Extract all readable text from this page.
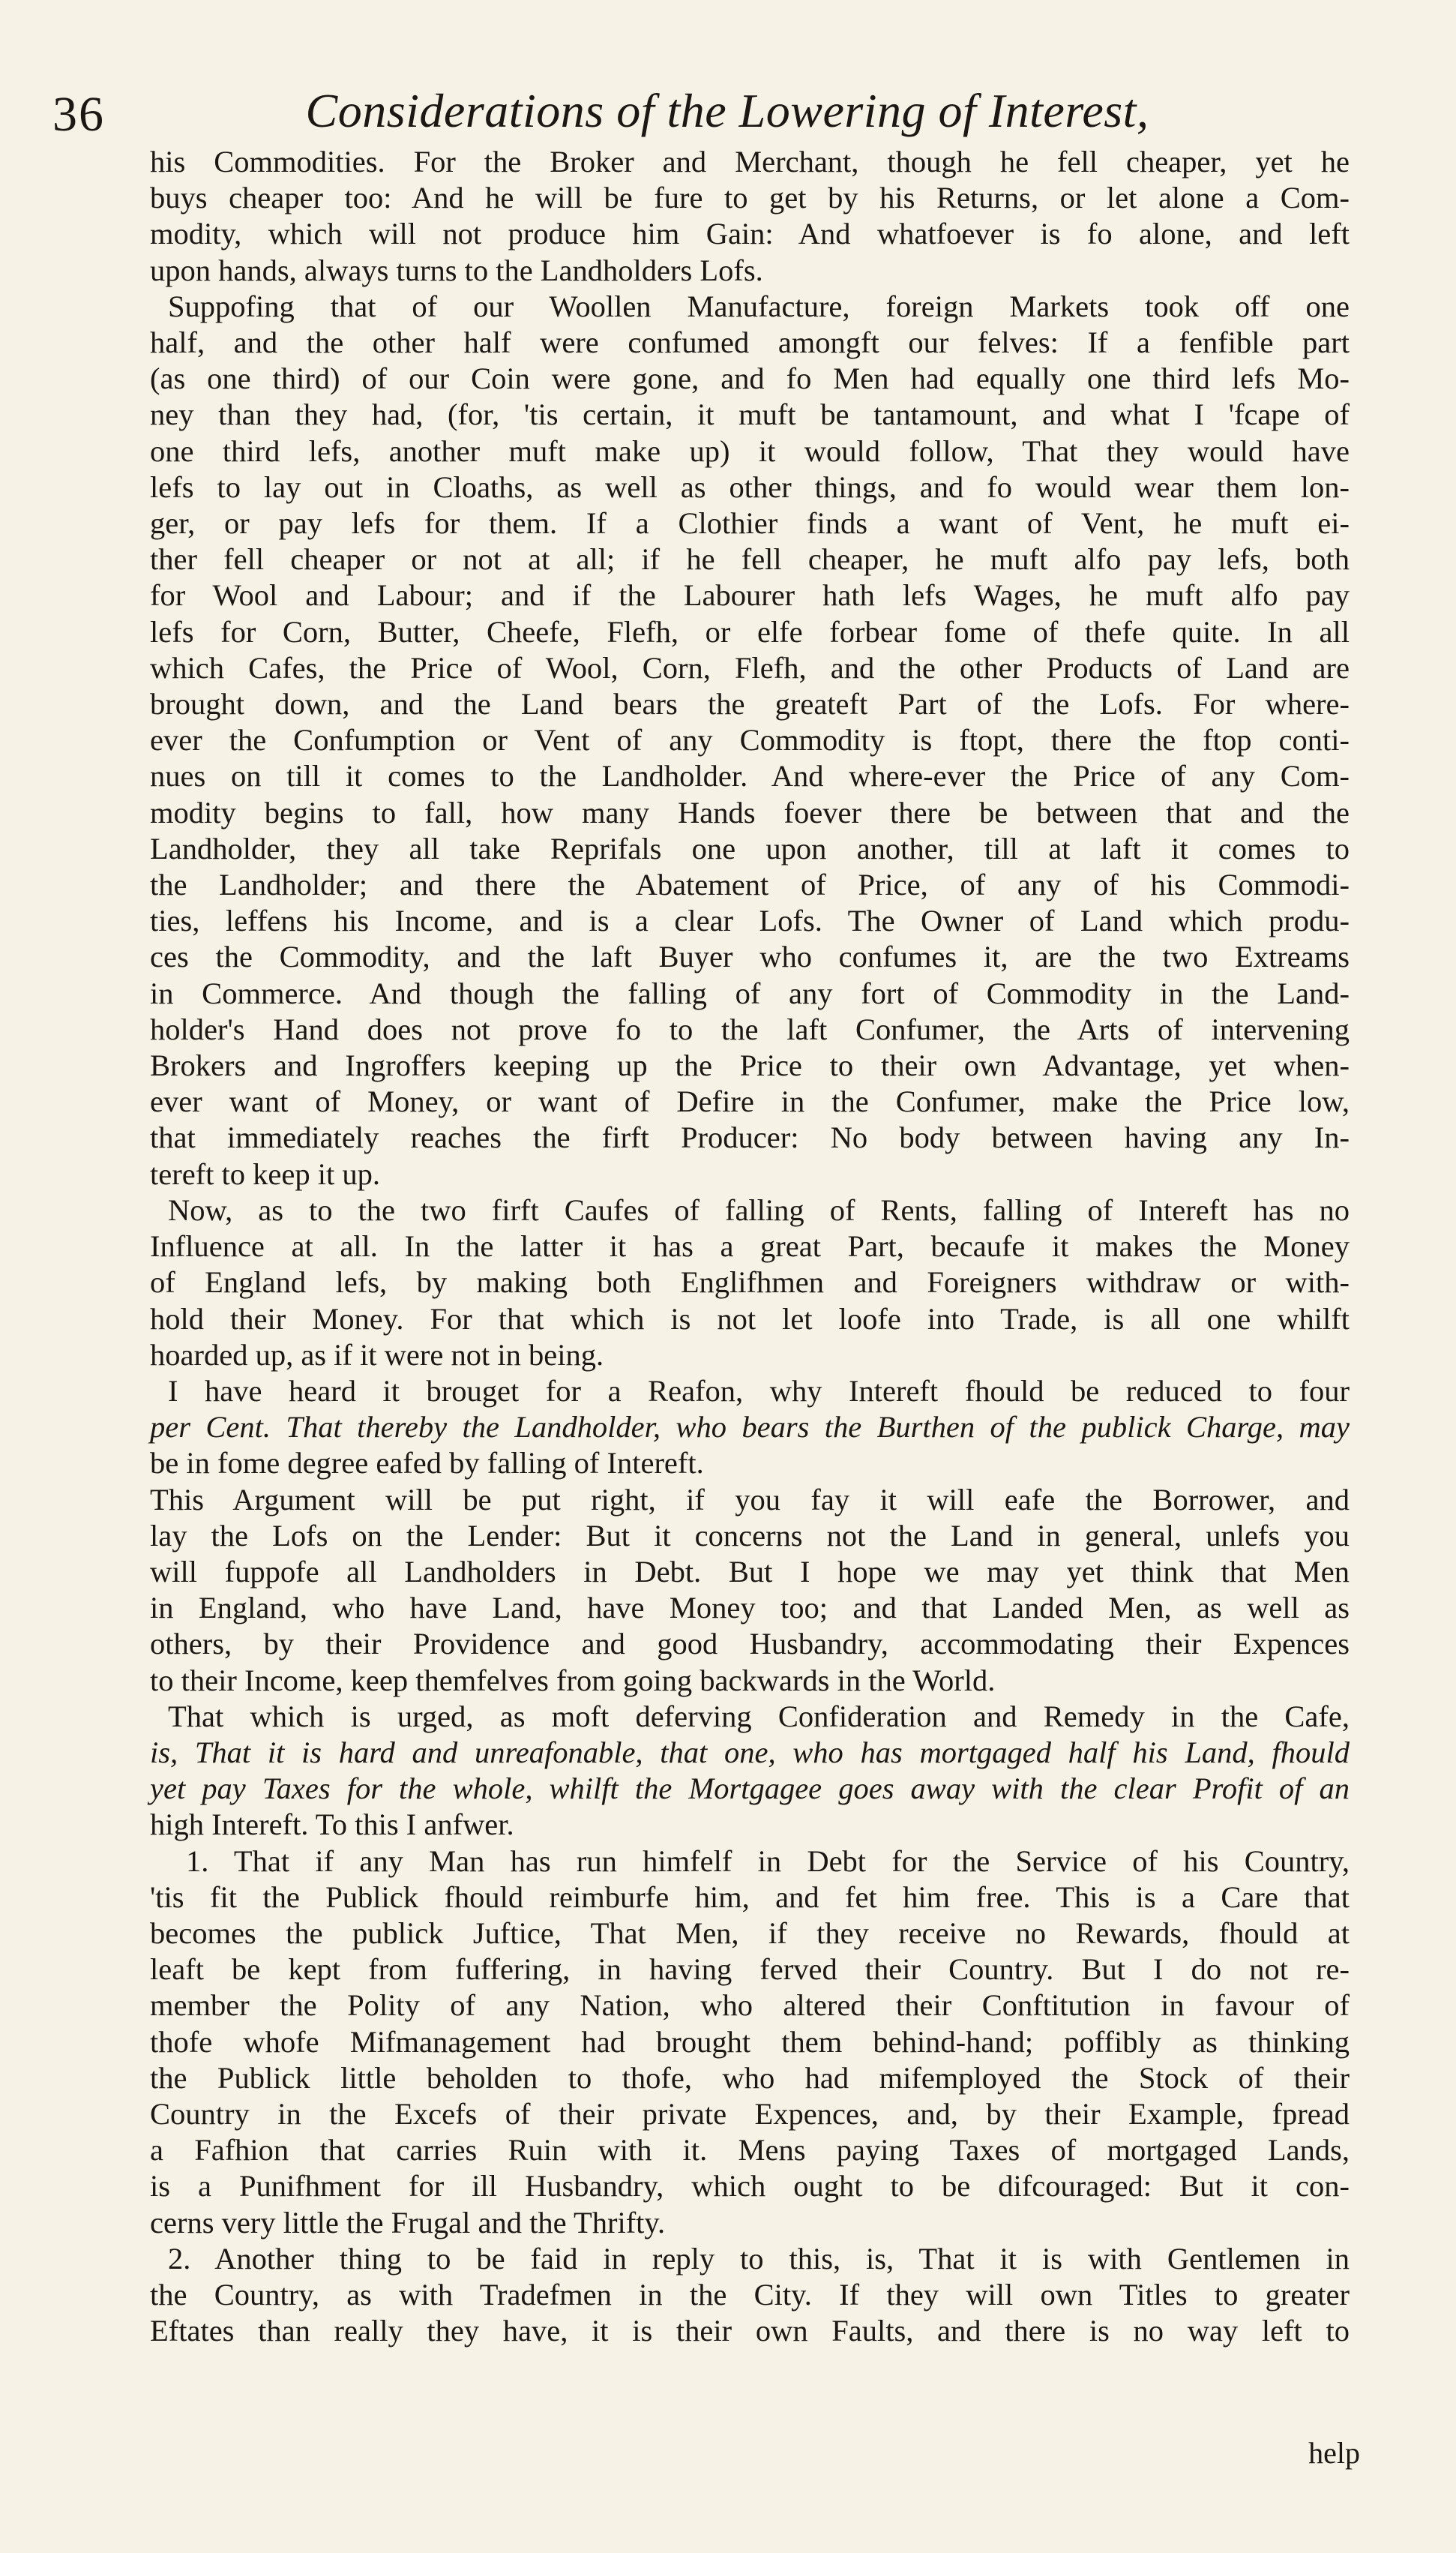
36	Considerations of the Lowering of Interest,
his Commodities. For the Broker and Merchant, though he fell cheaper, yet he
buys cheaper too: And he will be fure to get by his Returns, or let alone a Com-
modity, which will not produce him Gain: And whatfoever is fo alone, and left
upon hands, always turns to the Landholders Lofs.
Suppofing that of our Woollen Manufacture, foreign Markets took off one
half, and the other half were confumed amongft our felves: If a fenfible part
(as one third) of our Coin were gone, and fo Men had equally one third lefs Mo-
ney than they had, (for, 'tis certain, it muft be tantamount, and what I 'fcape of
one third lefs, another muft make up) it would follow, That they would have
lefs to lay out in Cloaths, as well as other things, and fo would wear them lon-
ger, or pay lefs for them. If a Clothier finds a want of Vent, he muft ei-
ther fell cheaper or not at all; if he fell cheaper, he muft alfo pay lefs, both
for Wool and Labour; and if the Labourer hath lefs Wages, he muft alfo pay
lefs for Corn, Butter, Cheefe, Flefh, or elfe forbear fome of thefe quite. In all
which Cafes, the Price of Wool, Corn, Flefh, and the other Products of Land are
brought down, and the Land bears the greateft Part of the Lofs. For where-
ever the Confumption or Vent of any Commodity is ftopt, there the ftop conti-
nues on till it comes to the Landholder. And where-ever the Price of any Com-
modity begins to fall, how many Hands foever there be between that and the
Landholder, they all take Reprifals one upon another, till at laft it comes to
the Landholder; and there the Abatement of Price, of any of his Commodi-
ties, leffens his Income, and is a clear Lofs. The Owner of Land which produ-
ces the Commodity, and the laft Buyer who confumes it, are the two Extreams
in Commerce. And though the falling of any fort of Commodity in the Land-
holder's Hand does not prove fo to the laft Confumer, the Arts of intervening
Brokers and Ingroffers keeping up the Price to their own Advantage, yet when-
ever want of Money, or want of Defire in the Confumer, make the Price low,
that immediately reaches the firft Producer: No body between having any In-
tereft to keep it up.
Now, as to the two firft Caufes of falling of Rents, falling of Intereft has no
Influence at all. In the latter it has a great Part, becaufe it makes the Money
of England lefs, by making both Englifhmen and Foreigners withdraw or with-
hold their Money. For that which is not let loofe into Trade, is all one whilft
hoarded up, as if it were not in being.
I have heard it brouget for a Reafon, why Intereft fhould be reduced to four
per Cent. That thereby the Landholder, who bears the Burthen of the publick Charge, may
be in fome degree eafed by falling of Intereft.
This Argument will be put right, if you fay it will eafe the Borrower, and
lay the Lofs on the Lender: But it concerns not the Land in general, unlefs you
will fuppofe all Landholders in Debt. But I hope we may yet think that Men
in England, who have Land, have Money too; and that Landed Men, as well as
others, by their Providence and good Husbandry, accommodating their Expences
to their Income, keep themfelves from going backwards in the World.
That which is urged, as moft deferving Confideration and Remedy in the Cafe,
is, That it is hard and unreafonable, that one, who has mortgaged half his Land, fhould
yet pay Taxes for the whole, whilft the Mortgagee goes away with the clear Profit of an
high Intereft. To this I anfwer.
1. That if any Man has run himfelf in Debt for the Service of his Country,
'tis fit the Publick fhould reimburfe him, and fet him free. This is a Care that
becomes the publick Juftice, That Men, if they receive no Rewards, fhould at
leaft be kept from fuffering, in having ferved their Country. But I do not re-
member the Polity of any Nation, who altered their Conftitution in favour of
thofe whofe Mifmanagement had brought them behind-hand; poffibly as thinking
the Publick little beholden to thofe, who had mifemployed the Stock of their
Country in the Excefs of their private Expences, and, by their Example, fpread
a Fafhion that carries Ruin with it. Mens paying Taxes of mortgaged Lands,
is a Punifhment for ill Husbandry, which ought to be difcouraged: But it con-
cerns very little the Frugal and the Thrifty.
2. Another thing to be faid in reply to this, is, That it is with Gentlemen in
the Country, as with Tradefmen in the City. If they will own Titles to greater
Eftates than really they have, it is their own Faults, and there is no way left to
help
